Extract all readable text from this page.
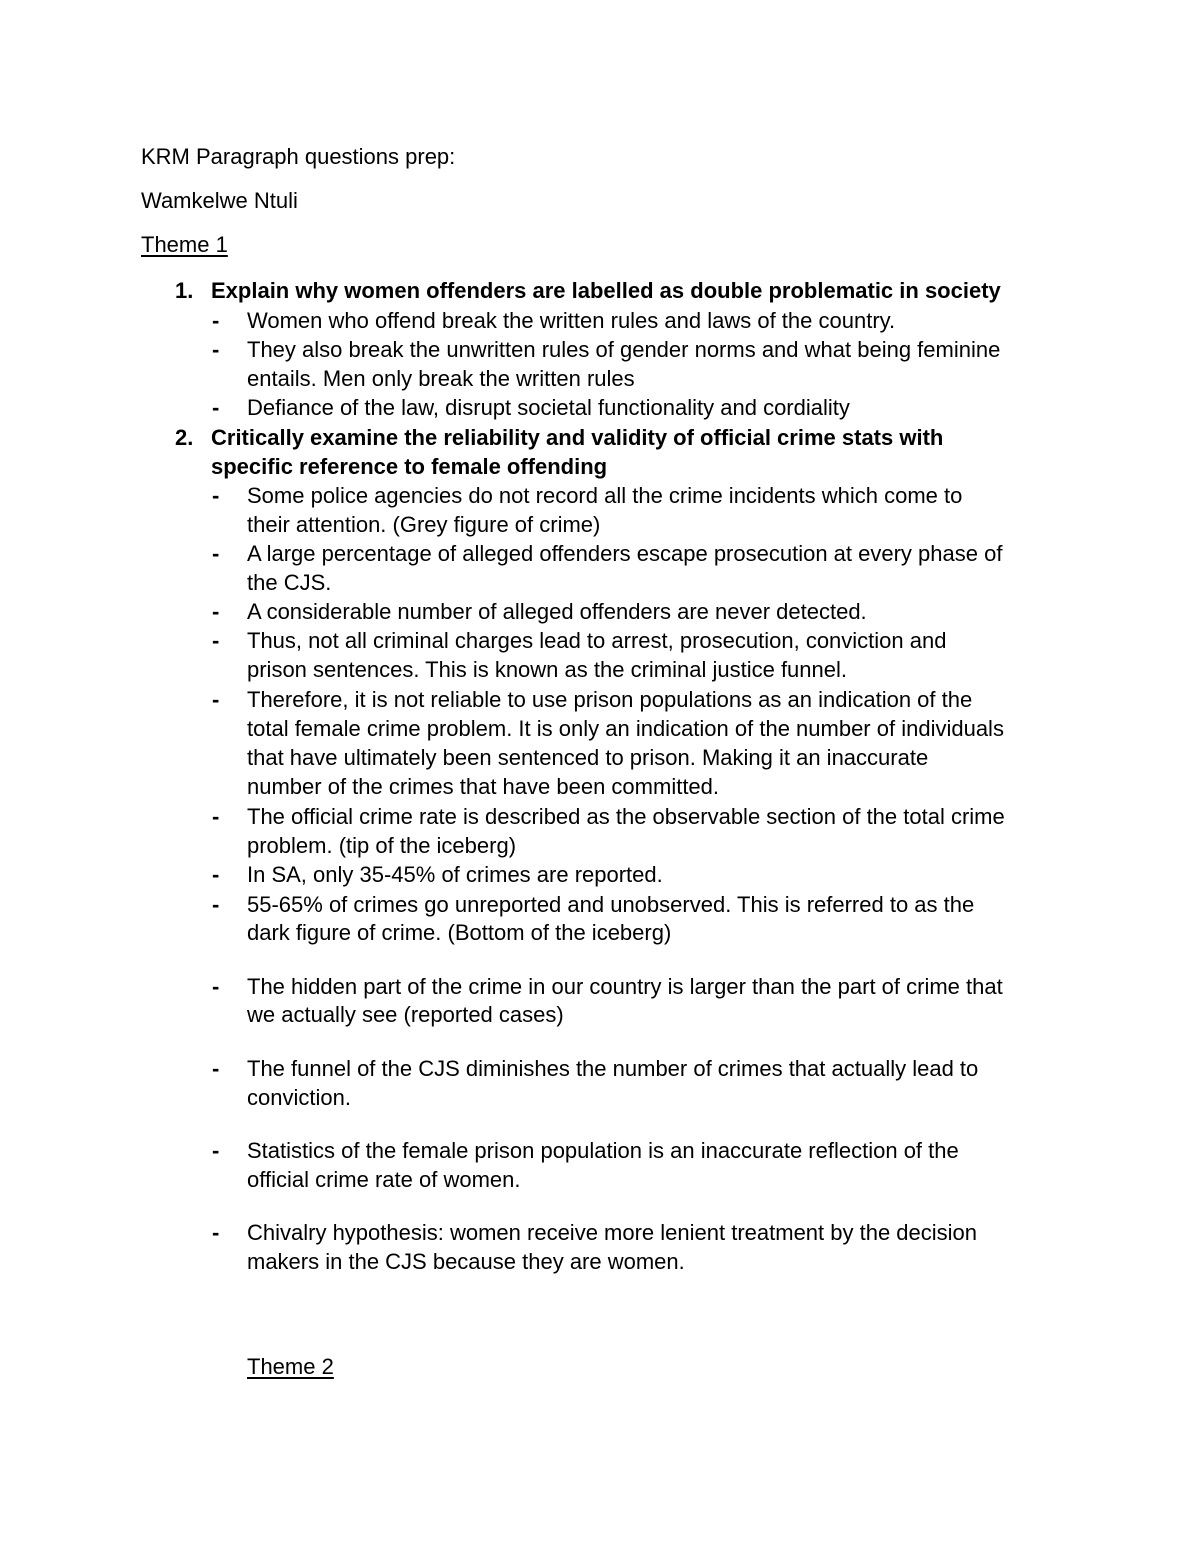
KRM Paragraph questions prep:
Wamkelwe Ntuli
Theme 1
1. Explain why women offenders are labelled as double problematic in society
- Women who offend break the written rules and laws of the country.
- They also break the unwritten rules of gender norms and what being feminine
entails. Men only break the written rules
- Defiance of the law, disrupt societal functionality and cordiality
2. Critically examine the reliability and validity of official crime stats with
specific reference to female offending
- Some police agencies do not record all the crime incidents which come to
their attention. (Grey figure of crime)
- A large percentage of alleged offenders escape prosecution at every phase of
the CJS.
- A considerable number of alleged offenders are never detected.
- Thus, not all criminal charges lead to arrest, prosecution, conviction and
prison sentences. This is known as the criminal justice funnel.
- Therefore, it is not reliable to use prison populations as an indication of the
total female crime problem. It is only an indication of the number of individuals
that have ultimately been sentenced to prison. Making it an inaccurate
number of the crimes that have been committed.
- The official crime rate is described as the observable section of the total crime
problem. (tip of the iceberg)
- In SA, only 35-45% of crimes are reported.
- 55-65% of crimes go unreported and unobserved. This is referred to as the
dark figure of crime. (Bottom of the iceberg)
- The hidden part of the crime in our country is larger than the part of crime that
we actually see (reported cases)
- The funnel of the CJS diminishes the number of crimes that actually lead to
conviction.
- Statistics of the female prison population is an inaccurate reflection of the
official crime rate of women.
- Chivalry hypothesis: women receive more lenient treatment by the decision
makers in the CJS because they are women.
Theme 2
